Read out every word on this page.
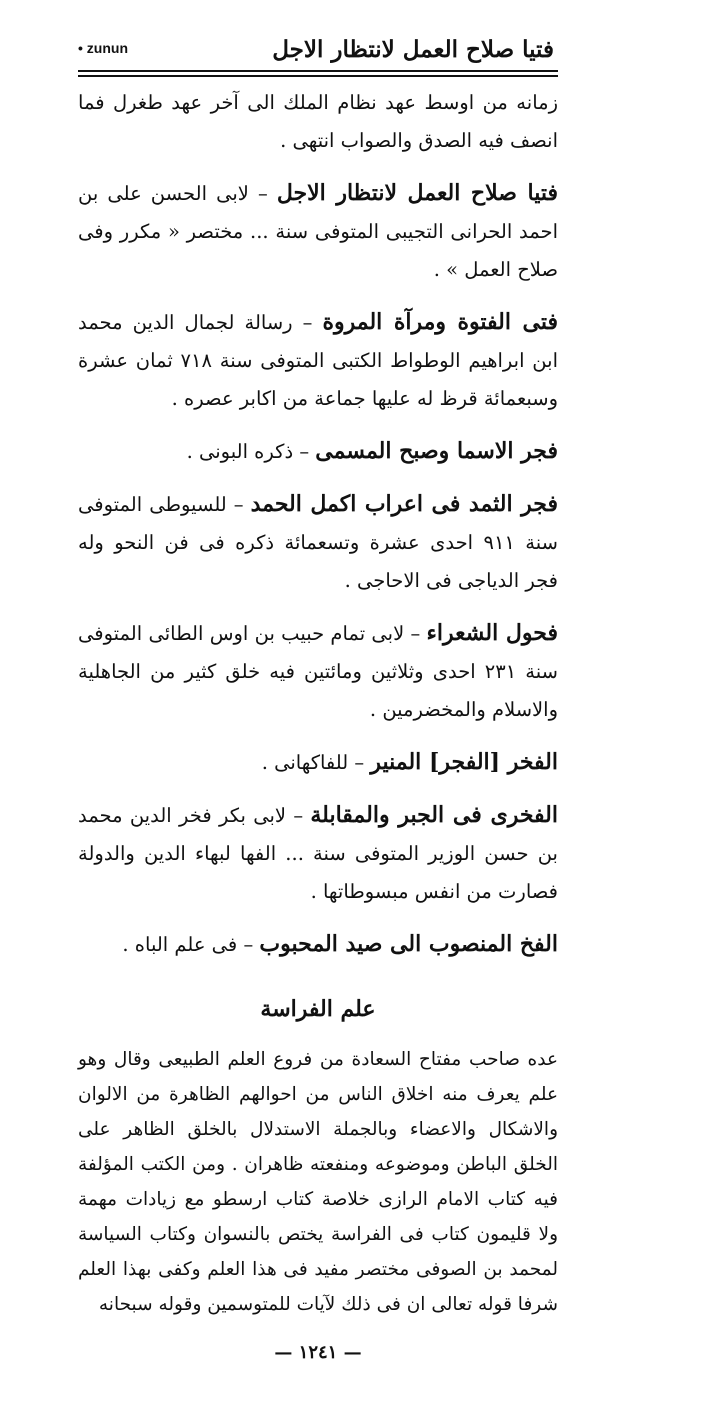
فتيا صلاح العمل لانتظار الاجل
• zunun

زمانه من اوسط عهد نظام الملك الى آخر عهد طغرل فما انصف فيه الصدق والصواب انتهى .

فتيا صلاح العمل لانتظار الاجل – لابى الحسن على بن احمد الحرانى التجيبى المتوفى سنة ... مختصر « مكرر وفى صلاح العمل » .

فتى الفتوة ومرآة المروة – رسالة لجمال الدين محمد ابن ابراهيم الوطواط الكتبى المتوفى سنة ٧١٨ ثمان عشرة وسبعمائة قرظ له عليها جماعة من اكابر عصره .

فجر الاسما وصبح المسمى – ذكره البونى .

فجر الثمد فى اعراب اكمل الحمد – للسيوطى المتوفى سنة ٩١١ احدى عشرة وتسعمائة ذكره فى فن النحو وله فجر الدياجى فى الاحاجى .

فحول الشعراء – لابى تمام حبيب بن اوس الطائى المتوفى سنة ٢٣١ احدى وثلاثين ومائتين فيه خلق كثير من الجاهلية والاسلام والمخضرمين .

الفخر [الفجر] المنير – للفاكهانى .

الفخرى فى الجبر والمقابلة – لابى بكر فخر الدين محمد بن حسن الوزير المتوفى سنة ... الفها لبهاء الدين والدولة فصارت من انفس مبسوطاتها .

الفخ المنصوب الى صيد المحبوب – فى علم الباه .

علم الفراسة

عده صاحب مفتاح السعادة من فروع العلم الطبيعى وقال وهو علم يعرف منه اخلاق الناس من احوالهم الظاهرة من الالوان والاشكال والاعضاء وبالجملة الاستدلال بالخلق الظاهر على الخلق الباطن وموضوعه ومنفعته ظاهران . ومن الكتب المؤلفة فيه كتاب الامام الرازى خلاصة كتاب ارسطو مع زيادات مهمة ولا قليمون كتاب فى الفراسة يختص بالنسوان وكتاب السياسة لمحمد بن الصوفى مختصر مفيد فى هذا العلم وكفى بهذا العلم شرفا قوله تعالى ان فى ذلك لآيات للمتوسمين وقوله سبحانه

— ١٢٤١ —
